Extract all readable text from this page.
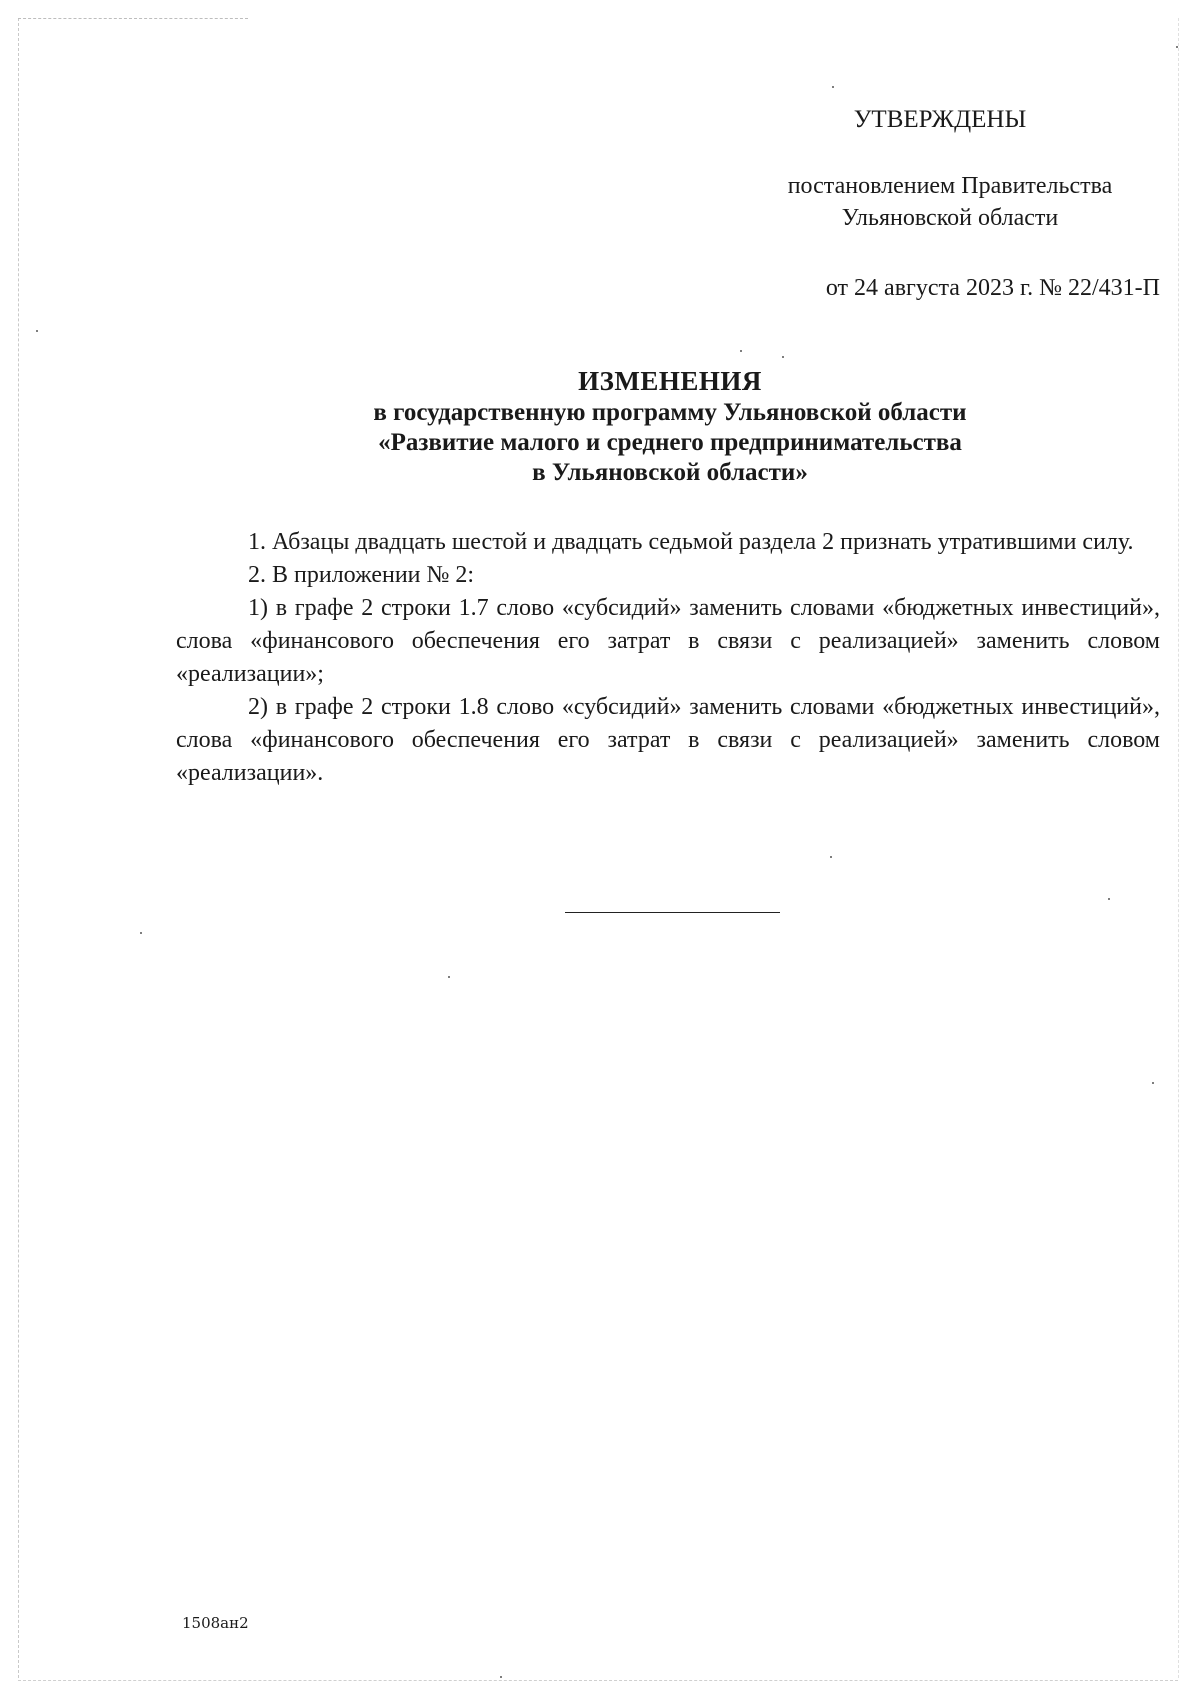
УТВЕРЖДЕНЫ
постановлением Правительства
Ульяновской области
от 24 августа 2023 г. № 22/431-П
ИЗМЕНЕНИЯ
в государственную программу Ульяновской области
«Развитие малого и среднего предпринимательства
в Ульяновской области»

1. Абзацы двадцать шестой и двадцать седьмой раздела 2 признать утратившими силу.

2. В приложении № 2:

1) в графе 2 строки 1.7 слово «субсидий» заменить словами «бюджетных инвестиций», слова «финансового обеспечения его затрат в связи с реализацией» заменить словом «реализации»;

2) в графе 2 строки 1.8 слово «субсидий» заменить словами «бюджетных инвестиций», слова «финансового обеспечения его затрат в связи с реализацией» заменить словом «реализации».

1508ан2
